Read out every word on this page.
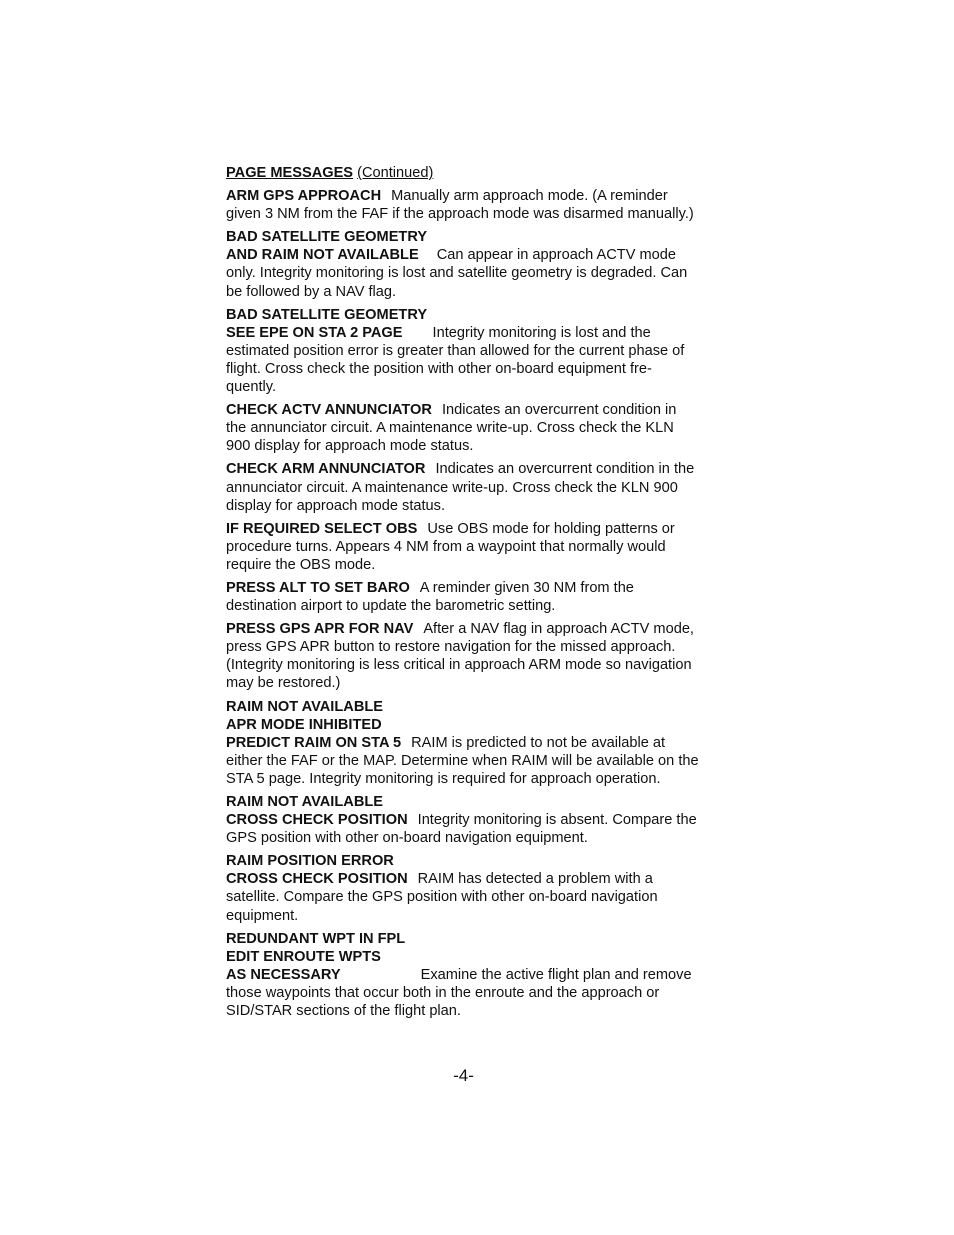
PAGE MESSAGES (Continued)
ARM GPS APPROACH Manually arm approach mode. (A reminder given 3 NM from the FAF if the approach mode was disarmed manually.)
BAD SATELLITE GEOMETRY
AND RAIM NOT AVAILABLE Can appear in approach ACTV mode only. Integrity monitoring is lost and satellite geometry is degraded. Can be followed by a NAV flag.
BAD SATELLITE GEOMETRY
SEE EPE ON STA 2 PAGE Integrity monitoring is lost and the estimated position error is greater than allowed for the current phase of flight. Cross check the position with other on-board equipment fre-quently.
CHECK ACTV ANNUNCIATOR Indicates an overcurrent condition in the annunciator circuit. A maintenance write-up. Cross check the KLN 900 display for approach mode status.
CHECK ARM ANNUNCIATOR Indicates an overcurrent condition in the annunciator circuit. A maintenance write-up. Cross check the KLN 900 display for approach mode status.
IF REQUIRED SELECT OBS Use OBS mode for holding patterns or procedure turns. Appears 4 NM from a waypoint that normally would require the OBS mode.
PRESS ALT TO SET BARO A reminder given 30 NM from the destination airport to update the barometric setting.
PRESS GPS APR FOR NAV After a NAV flag in approach ACTV mode, press GPS APR button to restore navigation for the missed approach. (Integrity monitoring is less critical in approach ARM mode so navigation may be restored.)
RAIM NOT AVAILABLE
APR MODE INHIBITED
PREDICT RAIM ON STA 5 RAIM is predicted to not be available at either the FAF or the MAP. Determine when RAIM will be available on the STA 5 page. Integrity monitoring is required for approach operation.
RAIM NOT AVAILABLE
CROSS CHECK POSITION Integrity monitoring is absent. Compare the GPS position with other on-board navigation equipment.
RAIM POSITION ERROR
CROSS CHECK POSITION RAIM has detected a problem with a satellite. Compare the GPS position with other on-board navigation equipment.
REDUNDANT WPT IN FPL
EDIT ENROUTE WPTS
AS NECESSARY	Examine the active flight plan and remove those waypoints that occur both in the enroute and the approach or SID/STAR sections of the flight plan.
-4-
